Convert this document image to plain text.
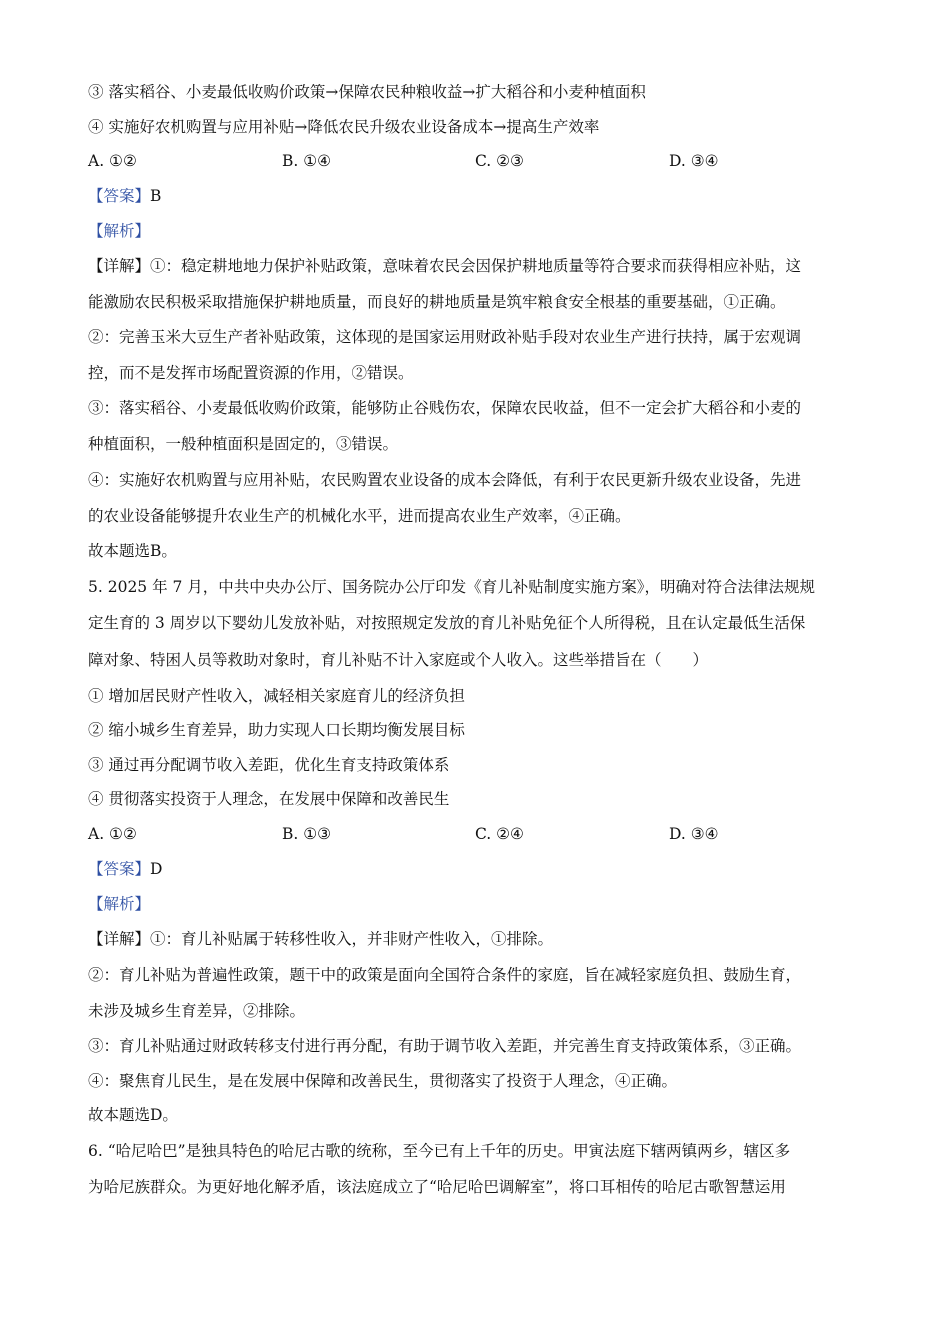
③ 落实稻谷、小麦最低收购价政策→保障农民种粮收益→扩大稻谷和小麦种植面积
④ 实施好农机购置与应用补贴→降低农民升级农业设备成本→提高生产效率
A. ①②	B. ①④	C. ②③	D. ③④
【答案】B
【解析】
【详解】①：稳定耕地地力保护补贴政策，意味着农民会因保护耕地质量等符合要求而获得相应补贴，这
能激励农民积极采取措施保护耕地质量，而良好的耕地质量是筑牢粮食安全根基的重要基础，①正确。
②：完善玉米大豆生产者补贴政策，这体现的是国家运用财政补贴手段对农业生产进行扶持，属于宏观调
控，而不是发挥市场配置资源的作用，②错误。
③：落实稻谷、小麦最低收购价政策，能够防止谷贱伤农，保障农民收益，但不一定会扩大稻谷和小麦的
种植面积，一般种植面积是固定的，③错误。
④：实施好农机购置与应用补贴，农民购置农业设备的成本会降低，有利于农民更新升级农业设备，先进
的农业设备能够提升农业生产的机械化水平，进而提高农业生产效率，④正确。
故本题选B。
5. 2025 年 7 月，中共中央办公厅、国务院办公厅印发《育儿补贴制度实施方案》，明确对符合法律法规规
定生育的 3 周岁以下婴幼儿发放补贴，对按照规定发放的育儿补贴免征个人所得税，且在认定最低生活保
障对象、特困人员等救助对象时，育儿补贴不计入家庭或个人收入。这些举措旨在（　　）
① 增加居民财产性收入，减轻相关家庭育儿的经济负担
② 缩小城乡生育差异，助力实现人口长期均衡发展目标
③ 通过再分配调节收入差距，优化生育支持政策体系
④ 贯彻落实投资于人理念，在发展中保障和改善民生
A. ①②	B. ①③	C. ②④	D. ③④
【答案】D
【解析】
【详解】①：育儿补贴属于转移性收入，并非财产性收入，①排除。
②：育儿补贴为普遍性政策，题干中的政策是面向全国符合条件的家庭，旨在减轻家庭负担、鼓励生育，
未涉及城乡生育差异，②排除。
③：育儿补贴通过财政转移支付进行再分配，有助于调节收入差距，并完善生育支持政策体系，③正确。
④：聚焦育儿民生，是在发展中保障和改善民生，贯彻落实了投资于人理念，④正确。
故本题选D。
6. “哈尼哈巴”是独具特色的哈尼古歌的统称，至今已有上千年的历史。甲寅法庭下辖两镇两乡，辖区多
为哈尼族群众。为更好地化解矛盾，该法庭成立了“哈尼哈巴调解室”，将口耳相传的哈尼古歌智慧运用
